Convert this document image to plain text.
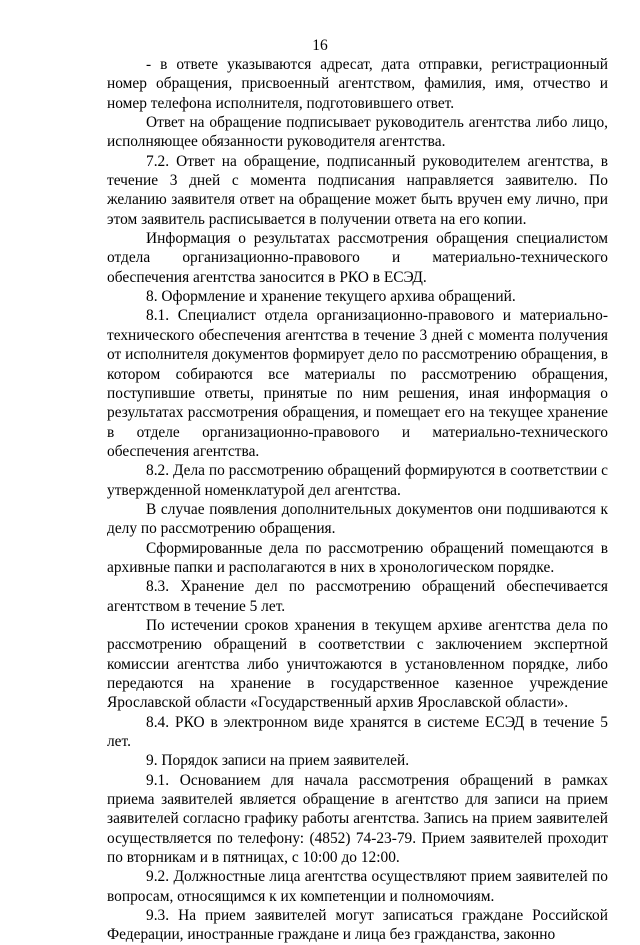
16

- в ответе указываются адресат, дата отправки, регистрационный номер обращения, присвоенный агентством, фамилия, имя, отчество и номер телефона исполнителя, подготовившего ответ.

Ответ на обращение подписывает руководитель агентства либо лицо, исполняющее обязанности руководителя агентства.

7.2. Ответ на обращение, подписанный руководителем агентства, в течение 3 дней с момента подписания направляется заявителю. По желанию заявителя ответ на обращение может быть вручен ему лично, при этом заявитель расписывается в получении ответа на его копии.

Информация о результатах рассмотрения обращения специалистом отдела организационно-правового и материально-технического обеспечения агентства заносится в РКО в ЕСЭД.

8. Оформление и хранение текущего архива обращений.

8.1. Специалист отдела организационно-правового и материально-технического обеспечения агентства в течение 3 дней с момента получения от исполнителя документов формирует дело по рассмотрению обращения, в котором собираются все материалы по рассмотрению обращения, поступившие ответы, принятые по ним решения, иная информация о результатах рассмотрения обращения, и помещает его на текущее хранение в отделе организационно-правового и материально-технического обеспечения агентства.

8.2. Дела по рассмотрению обращений формируются в соответствии с утвержденной номенклатурой дел агентства.

В случае появления дополнительных документов они подшиваются к делу по рассмотрению обращения.

Сформированные дела по рассмотрению обращений помещаются в архивные папки и располагаются в них в хронологическом порядке.

8.3. Хранение дел по рассмотрению обращений обеспечивается агентством в течение 5 лет.

По истечении сроков хранения в текущем архиве агентства дела по рассмотрению обращений в соответствии с заключением экспертной комиссии агентства либо уничтожаются в установленном порядке, либо передаются на хранение в государственное казенное учреждение Ярославской области «Государственный архив Ярославской области».

8.4. РКО в электронном виде хранятся в системе ЕСЭД в течение 5 лет.

9. Порядок записи на прием заявителей.

9.1. Основанием для начала рассмотрения обращений в рамках приема заявителей является обращение в агентство для записи на прием заявителей согласно графику работы агентства. Запись на прием заявителей осуществляется по телефону: (4852) 74-23-79. Прием заявителей проходит по вторникам и в пятницах, с 10:00 до 12:00.

9.2. Должностные лица агентства осуществляют прием заявителей по вопросам, относящимся к их компетенции и полномочиям.

9.3. На прием заявителей могут записаться граждане Российской Федерации, иностранные граждане и лица без гражданства, законно
